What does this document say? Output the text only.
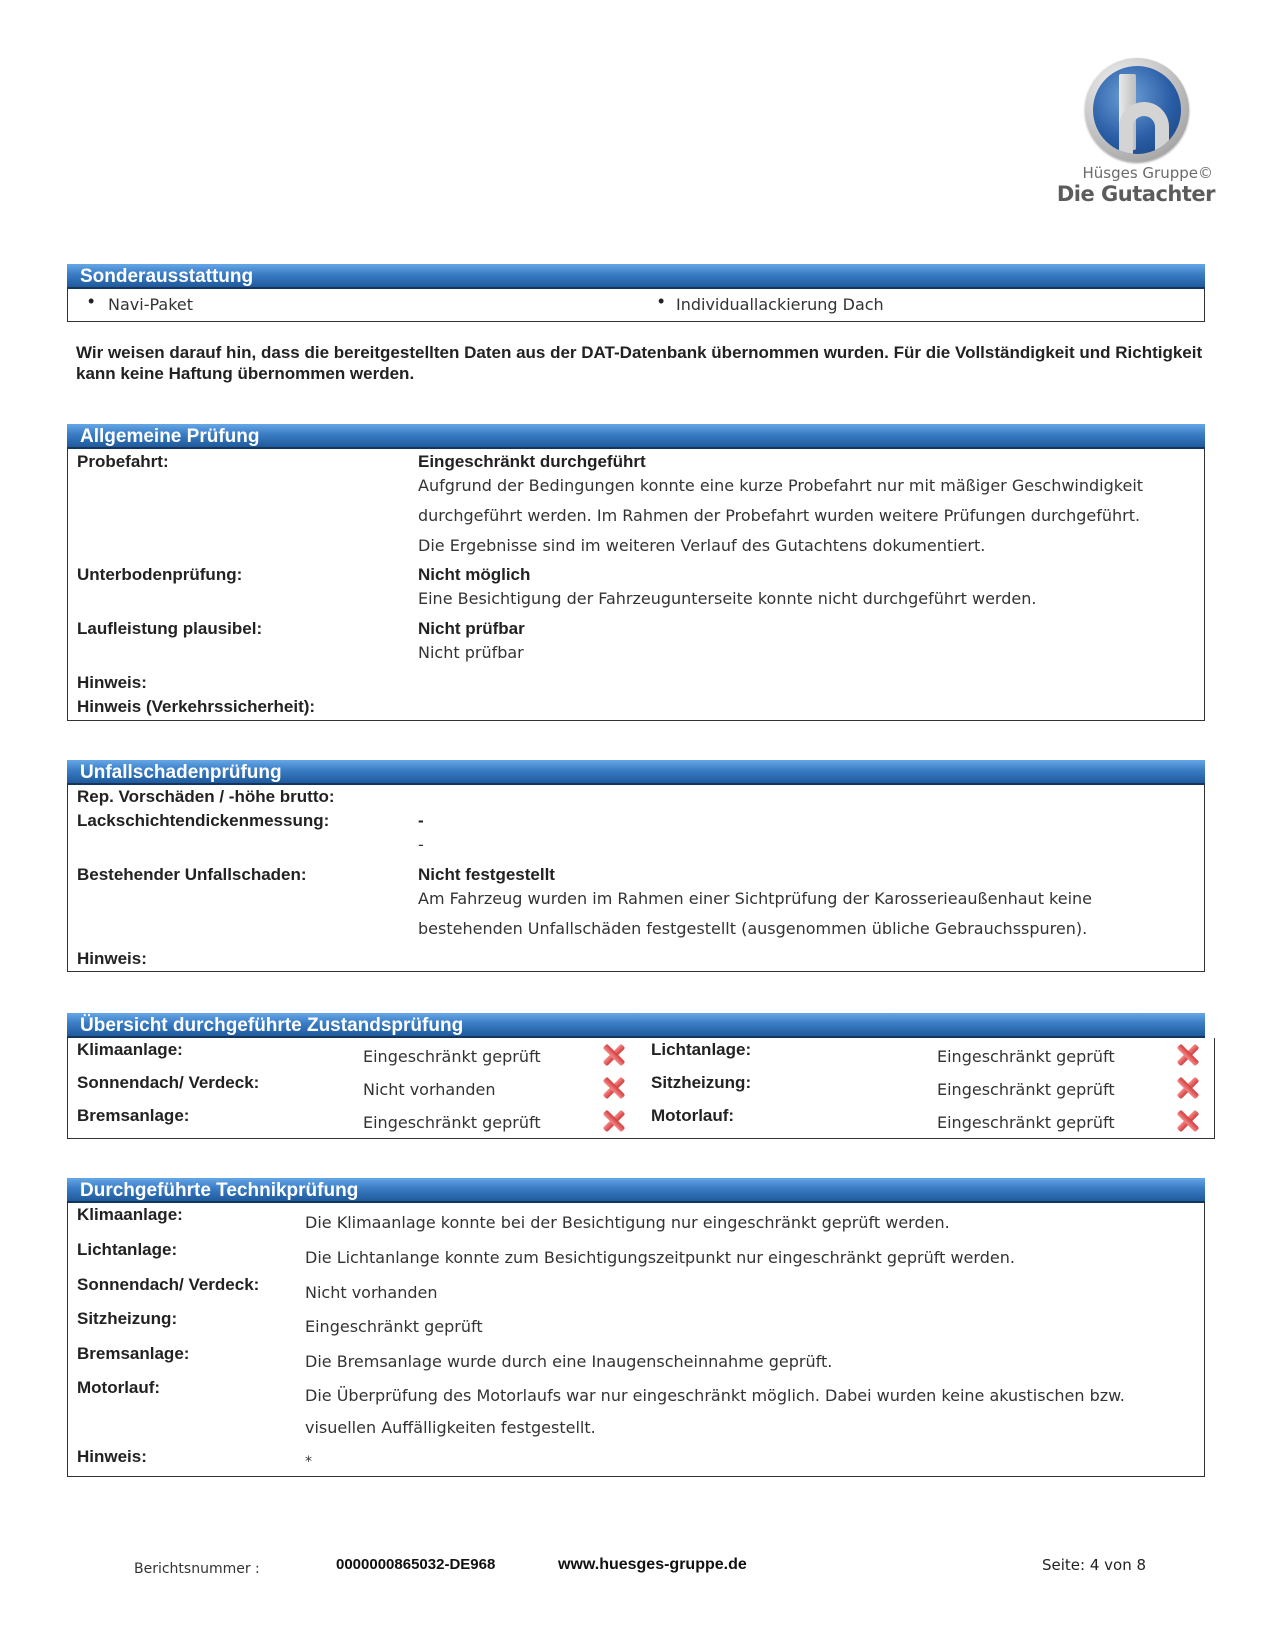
Hüsges Gruppe©
Die Gutachter
Sonderausstattung
• Navi-Paket	• Individuallackierung Dach
Wir weisen darauf hin, dass die bereitgestellten Daten aus der DAT-Datenbank übernommen wurden. Für die Vollständigkeit und Richtigkeit kann keine Haftung übernommen werden.
Allgemeine Prüfung
Probefahrt:	Eingeschränkt durchgeführt
Aufgrund der Bedingungen konnte eine kurze Probefahrt nur mit mäßiger Geschwindigkeit
durchgeführt werden. Im Rahmen der Probefahrt wurden weitere Prüfungen durchgeführt.
Die Ergebnisse sind im weiteren Verlauf des Gutachtens dokumentiert.
Unterbodenprüfung:	Nicht möglich
Eine Besichtigung der Fahrzeugunterseite konnte nicht durchgeführt werden.
Laufleistung plausibel:	Nicht prüfbar
Nicht prüfbar
Hinweis:
Hinweis (Verkehrssicherheit):
Unfallschadenprüfung
Rep. Vorschäden / -höhe brutto:
Lackschichtendickenmessung:	-
-
Bestehender Unfallschaden:	Nicht festgestellt
Am Fahrzeug wurden im Rahmen einer Sichtprüfung der Karosserieaußenhaut keine
bestehenden Unfallschäden festgestellt (ausgenommen übliche Gebrauchsspuren).
Hinweis:
Übersicht durchgeführte Zustandsprüfung
Klimaanlage:	Eingeschränkt geprüft
Sonnendach/ Verdeck:	Nicht vorhanden
Bremsanlage:	Eingeschränkt geprüft
Lichtanlage:	Eingeschränkt geprüft
Sitzheizung:	Eingeschränkt geprüft
Motorlauf:	Eingeschränkt geprüft
Durchgeführte Technikprüfung
Klimaanlage:	Die Klimaanlage konnte bei der Besichtigung nur eingeschränkt geprüft werden.
Lichtanlage:	Die Lichtanlange konnte zum Besichtigungszeitpunkt nur eingeschränkt geprüft werden.
Sonnendach/ Verdeck:	Nicht vorhanden
Sitzheizung:	Eingeschränkt geprüft
Bremsanlage:	Die Bremsanlage wurde durch eine Inaugenscheinnahme geprüft.
Motorlauf:	Die Überprüfung des Motorlaufs war nur eingeschränkt möglich. Dabei wurden keine akustischen bzw.
visuellen Auffälligkeiten festgestellt.
Hinweis:	*
Berichtsnummer :	0000000865032-DE968	www.huesges-gruppe.de	Seite: 4 von 8
